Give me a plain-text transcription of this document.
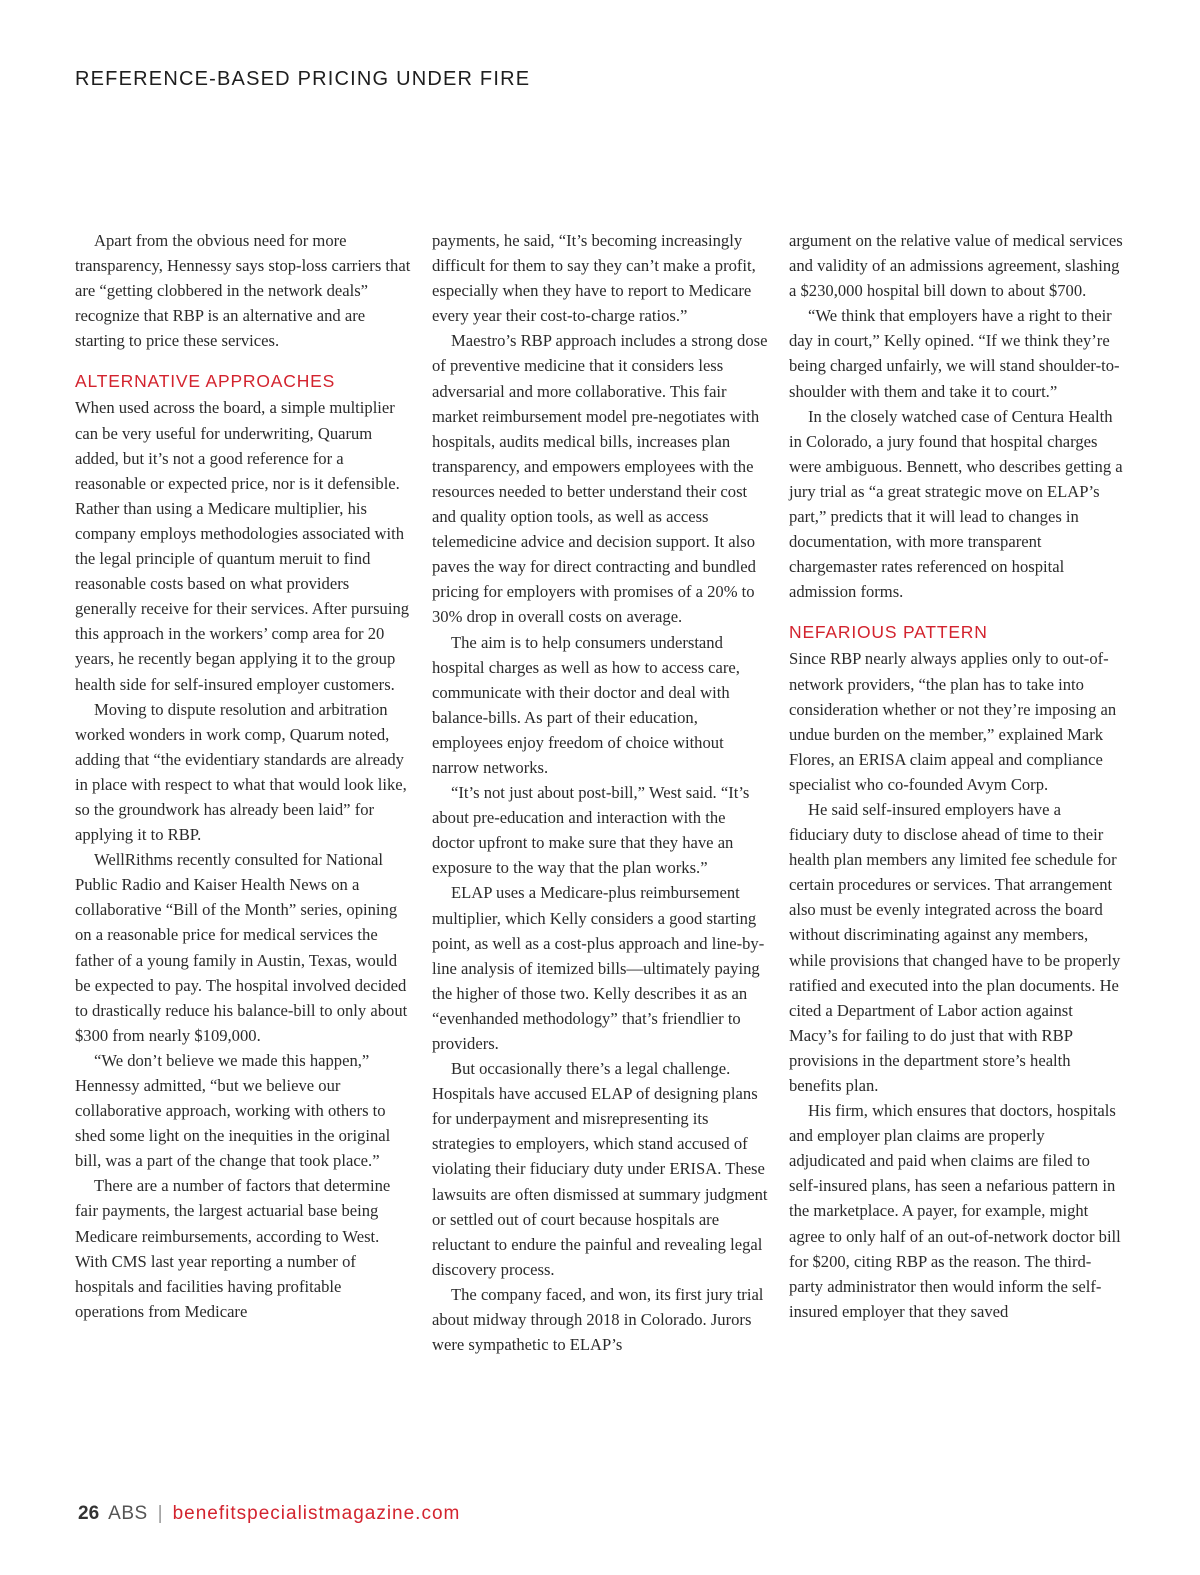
REFERENCE-BASED PRICING UNDER FIRE

Apart from the obvious need for more transparency, Hennessy says stop-loss carriers that are “getting clobbered in the network deals” recognize that RBP is an alternative and are starting to price these services.

ALTERNATIVE APPROACHES

When used across the board, a simple multiplier can be very useful for underwriting, Quarum added, but it’s not a good reference for a reasonable or expected price, nor is it defensible. Rather than using a Medicare multiplier, his company employs methodologies associated with the legal principle of quantum meruit to find reasonable costs based on what providers generally receive for their services. After pursuing this approach in the workers’ comp area for 20 years, he recently began applying it to the group health side for self-insured employer customers.

Moving to dispute resolution and arbitration worked wonders in work comp, Quarum noted, adding that “the evidentiary standards are already in place with respect to what that would look like, so the groundwork has already been laid” for applying it to RBP.

WellRithms recently consulted for National Public Radio and Kaiser Health News on a collaborative “Bill of the Month” series, opining on a reasonable price for medical services the father of a young family in Austin, Texas, would be expected to pay. The hospital involved decided to drastically reduce his balance-bill to only about $300 from nearly $109,000.

“We don’t believe we made this happen,” Hennessy admitted, “but we believe our collaborative approach, working with others to shed some light on the inequities in the original bill, was a part of the change that took place.”

There are a number of factors that determine fair payments, the largest actuarial base being Medicare reimbursements, according to West. With CMS last year reporting a number of hospitals and facilities having profitable operations from Medicare

payments, he said, “It’s becoming increasingly difficult for them to say they can’t make a profit, especially when they have to report to Medicare every year their cost-to-charge ratios.”

Maestro’s RBP approach includes a strong dose of preventive medicine that it considers less adversarial and more collaborative. This fair market reimbursement model pre-negotiates with hospitals, audits medical bills, increases plan transparency, and empowers employees with the resources needed to better understand their cost and quality option tools, as well as access telemedicine advice and decision support. It also paves the way for direct contracting and bundled pricing for employers with promises of a 20% to 30% drop in overall costs on average.

The aim is to help consumers understand hospital charges as well as how to access care, communicate with their doctor and deal with balance-bills. As part of their education, employees enjoy freedom of choice without narrow networks.

“It’s not just about post-bill,” West said. “It’s about pre-education and interaction with the doctor upfront to make sure that they have an exposure to the way that the plan works.”

ELAP uses a Medicare-plus reimbursement multiplier, which Kelly considers a good starting point, as well as a cost-plus approach and line-by-line analysis of itemized bills—ultimately paying the higher of those two. Kelly describes it as an “evenhanded methodology” that’s friendlier to providers.

But occasionally there’s a legal challenge. Hospitals have accused ELAP of designing plans for underpayment and misrepresenting its strategies to employers, which stand accused of violating their fiduciary duty under ERISA. These lawsuits are often dismissed at summary judgment or settled out of court because hospitals are reluctant to endure the painful and revealing legal discovery process.

The company faced, and won, its first jury trial about midway through 2018 in Colorado. Jurors were sympathetic to ELAP’s

argument on the relative value of medical services and validity of an admissions agreement, slashing a $230,000 hospital bill down to about $700.

“We think that employers have a right to their day in court,” Kelly opined. “If we think they’re being charged unfairly, we will stand shoulder-to-shoulder with them and take it to court.”

In the closely watched case of Centura Health in Colorado, a jury found that hospital charges were ambiguous. Bennett, who describes getting a jury trial as “a great strategic move on ELAP’s part,” predicts that it will lead to changes in documentation, with more transparent chargemaster rates referenced on hospital admission forms.

NEFARIOUS PATTERN

Since RBP nearly always applies only to out-of-network providers, “the plan has to take into consideration whether or not they’re imposing an undue burden on the member,” explained Mark Flores, an ERISA claim appeal and compliance specialist who co-founded Avym Corp.

He said self-insured employers have a fiduciary duty to disclose ahead of time to their health plan members any limited fee schedule for certain procedures or services. That arrangement also must be evenly integrated across the board without discriminating against any members, while provisions that changed have to be properly ratified and executed into the plan documents. He cited a Department of Labor action against Macy’s for failing to do just that with RBP provisions in the department store’s health benefits plan.

His firm, which ensures that doctors, hospitals and employer plan claims are properly adjudicated and paid when claims are filed to self-insured plans, has seen a nefarious pattern in the marketplace. A payer, for example, might agree to only half of an out-of-network doctor bill for $200, citing RBP as the reason. The third-party administrator then would inform the self-insured employer that they saved

26 ABS | benefitspecialistmagazine.com
